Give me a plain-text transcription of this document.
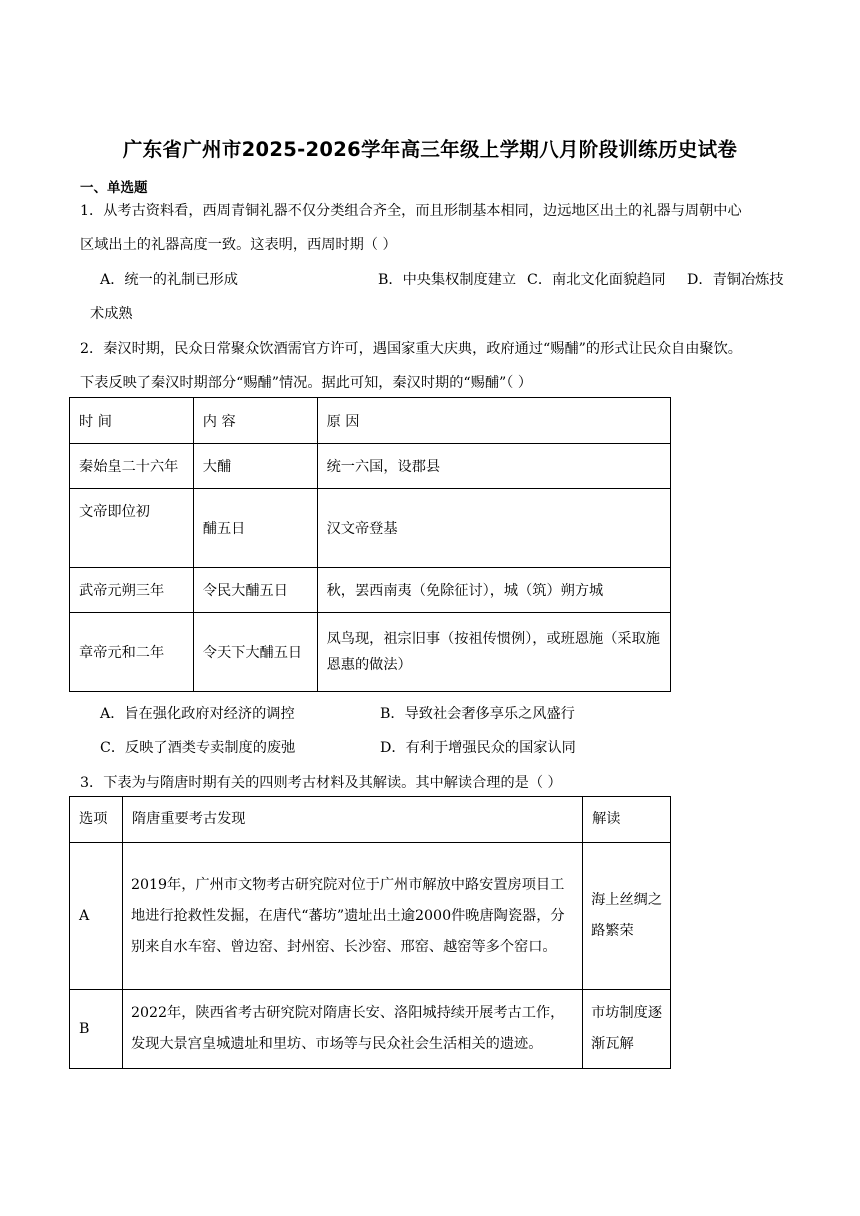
广东省广州市2025-2026学年高三年级上学期八月阶段训练历史试卷
一、单选题
1．从考古资料看，西周青铜礼器不仅分类组合齐全，而且形制基本相同，边远地区出土的礼器与周朝中心
区域出土的礼器高度一致。这表明，西周时期（ ）
A．统一的礼制已形成	B．中央集权制度建立 C．南北文化面貌趋同 D．青铜冶炼技
术成熟
2．秦汉时期，民众日常聚众饮酒需官方许可，遇国家重大庆典，政府通过“赐酺”的形式让民众自由聚饮。
下表反映了秦汉时期部分“赐酺”情况。据此可知，秦汉时期的“赐酺”（ ）
时 间	内 容	原 因
秦始皇二十六年	大酺	统一六国，设郡县
文帝即位初	酺五日	汉文帝登基
武帝元朔三年	令民大酺五日	秋，罢西南夷（免除征讨），城（筑）朔方城
章帝元和二年	令天下大酺五日	凤鸟现，祖宗旧事（按祖传惯例），或班恩施（采取施恩惠的做法）
A．旨在强化政府对经济的调控	B．导致社会奢侈享乐之风盛行
C．反映了酒类专卖制度的废弛	D．有利于增强民众的国家认同
3．下表为与隋唐时期有关的四则考古材料及其解读。其中解读合理的是（ ）
选项	隋唐重要考古发现	解读
A	2019年，广州市文物考古研究院对位于广州市解放中路安置房项目工地进行抢救性发掘，在唐代“蕃坊”遗址出土逾2000件晚唐陶瓷器，分别来自水车窑、曾边窑、封州窑、长沙窑、邢窑、越窑等多个窑口。	海上丝绸之路繁荣
B	2022年，陕西省考古研究院对隋唐长安、洛阳城持续开展考古工作，发现大景宫皇城遗址和里坊、市场等与民众社会生活相关的遗迹。	市坊制度逐渐瓦解
